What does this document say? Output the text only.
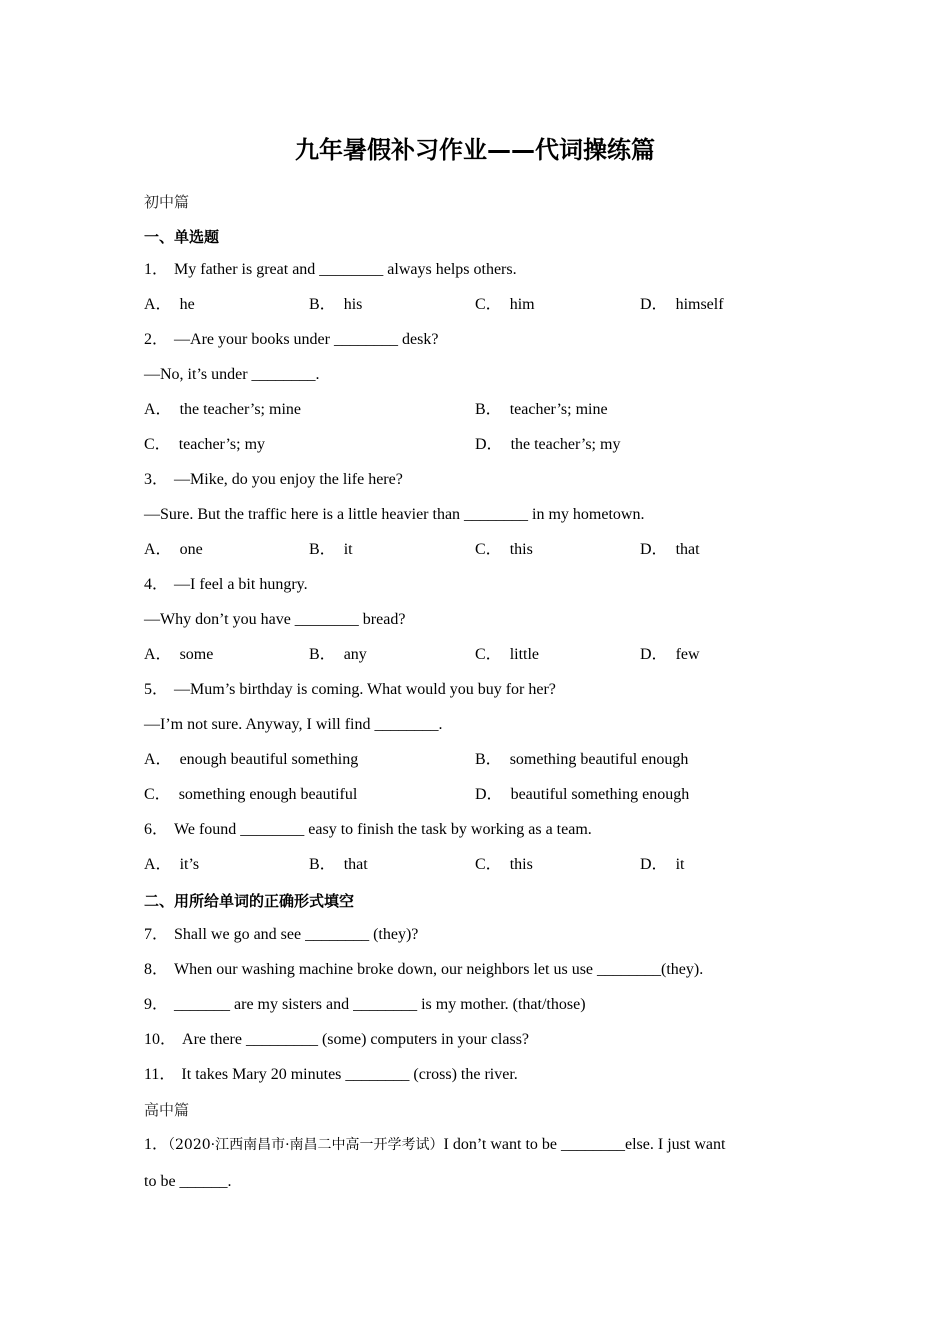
九年暑假补习作业——代词操练篇
初中篇
一、单选题
1． My father is great and ________ always helps others.
A． he	B． his	C． him	D． himself
2． —Are your books under ________ desk?
—No, it’s under ________.
A． the teacher’s; mine	B． teacher’s; mine
C． teacher’s; my	D． the teacher’s; my
3． —Mike, do you enjoy the life here?
—Sure. But the traffic here is a little heavier than ________ in my hometown.
A． one	B． it	C． this	D． that
4． —I feel a bit hungry.
—Why don’t you have ________ bread?
A． some	B． any	C． little	D． few
5． —Mum’s birthday is coming. What would you buy for her?
—I’m not sure. Anyway, I will find ________.
A． enough beautiful something	B． something beautiful enough
C． something enough beautiful	D． beautiful something enough
6． We found ________ easy to finish the task by working as a team.
A． it’s	B． that	C． this	D． it
二、用所给单词的正确形式填空
7． Shall we go and see ________ (they)?
8． When our washing machine broke down, our neighbors let us use ________(they).
9． _______ are my sisters and ________ is my mother. (that/those)
10． Are there _________ (some) computers in your class?
11． It takes Mary 20 minutes ________ (cross) the river.
高中篇
1．（2020·江西南昌市·南昌二中高一开学考试）I don’t want to be ________else. I just want
to be ______.
